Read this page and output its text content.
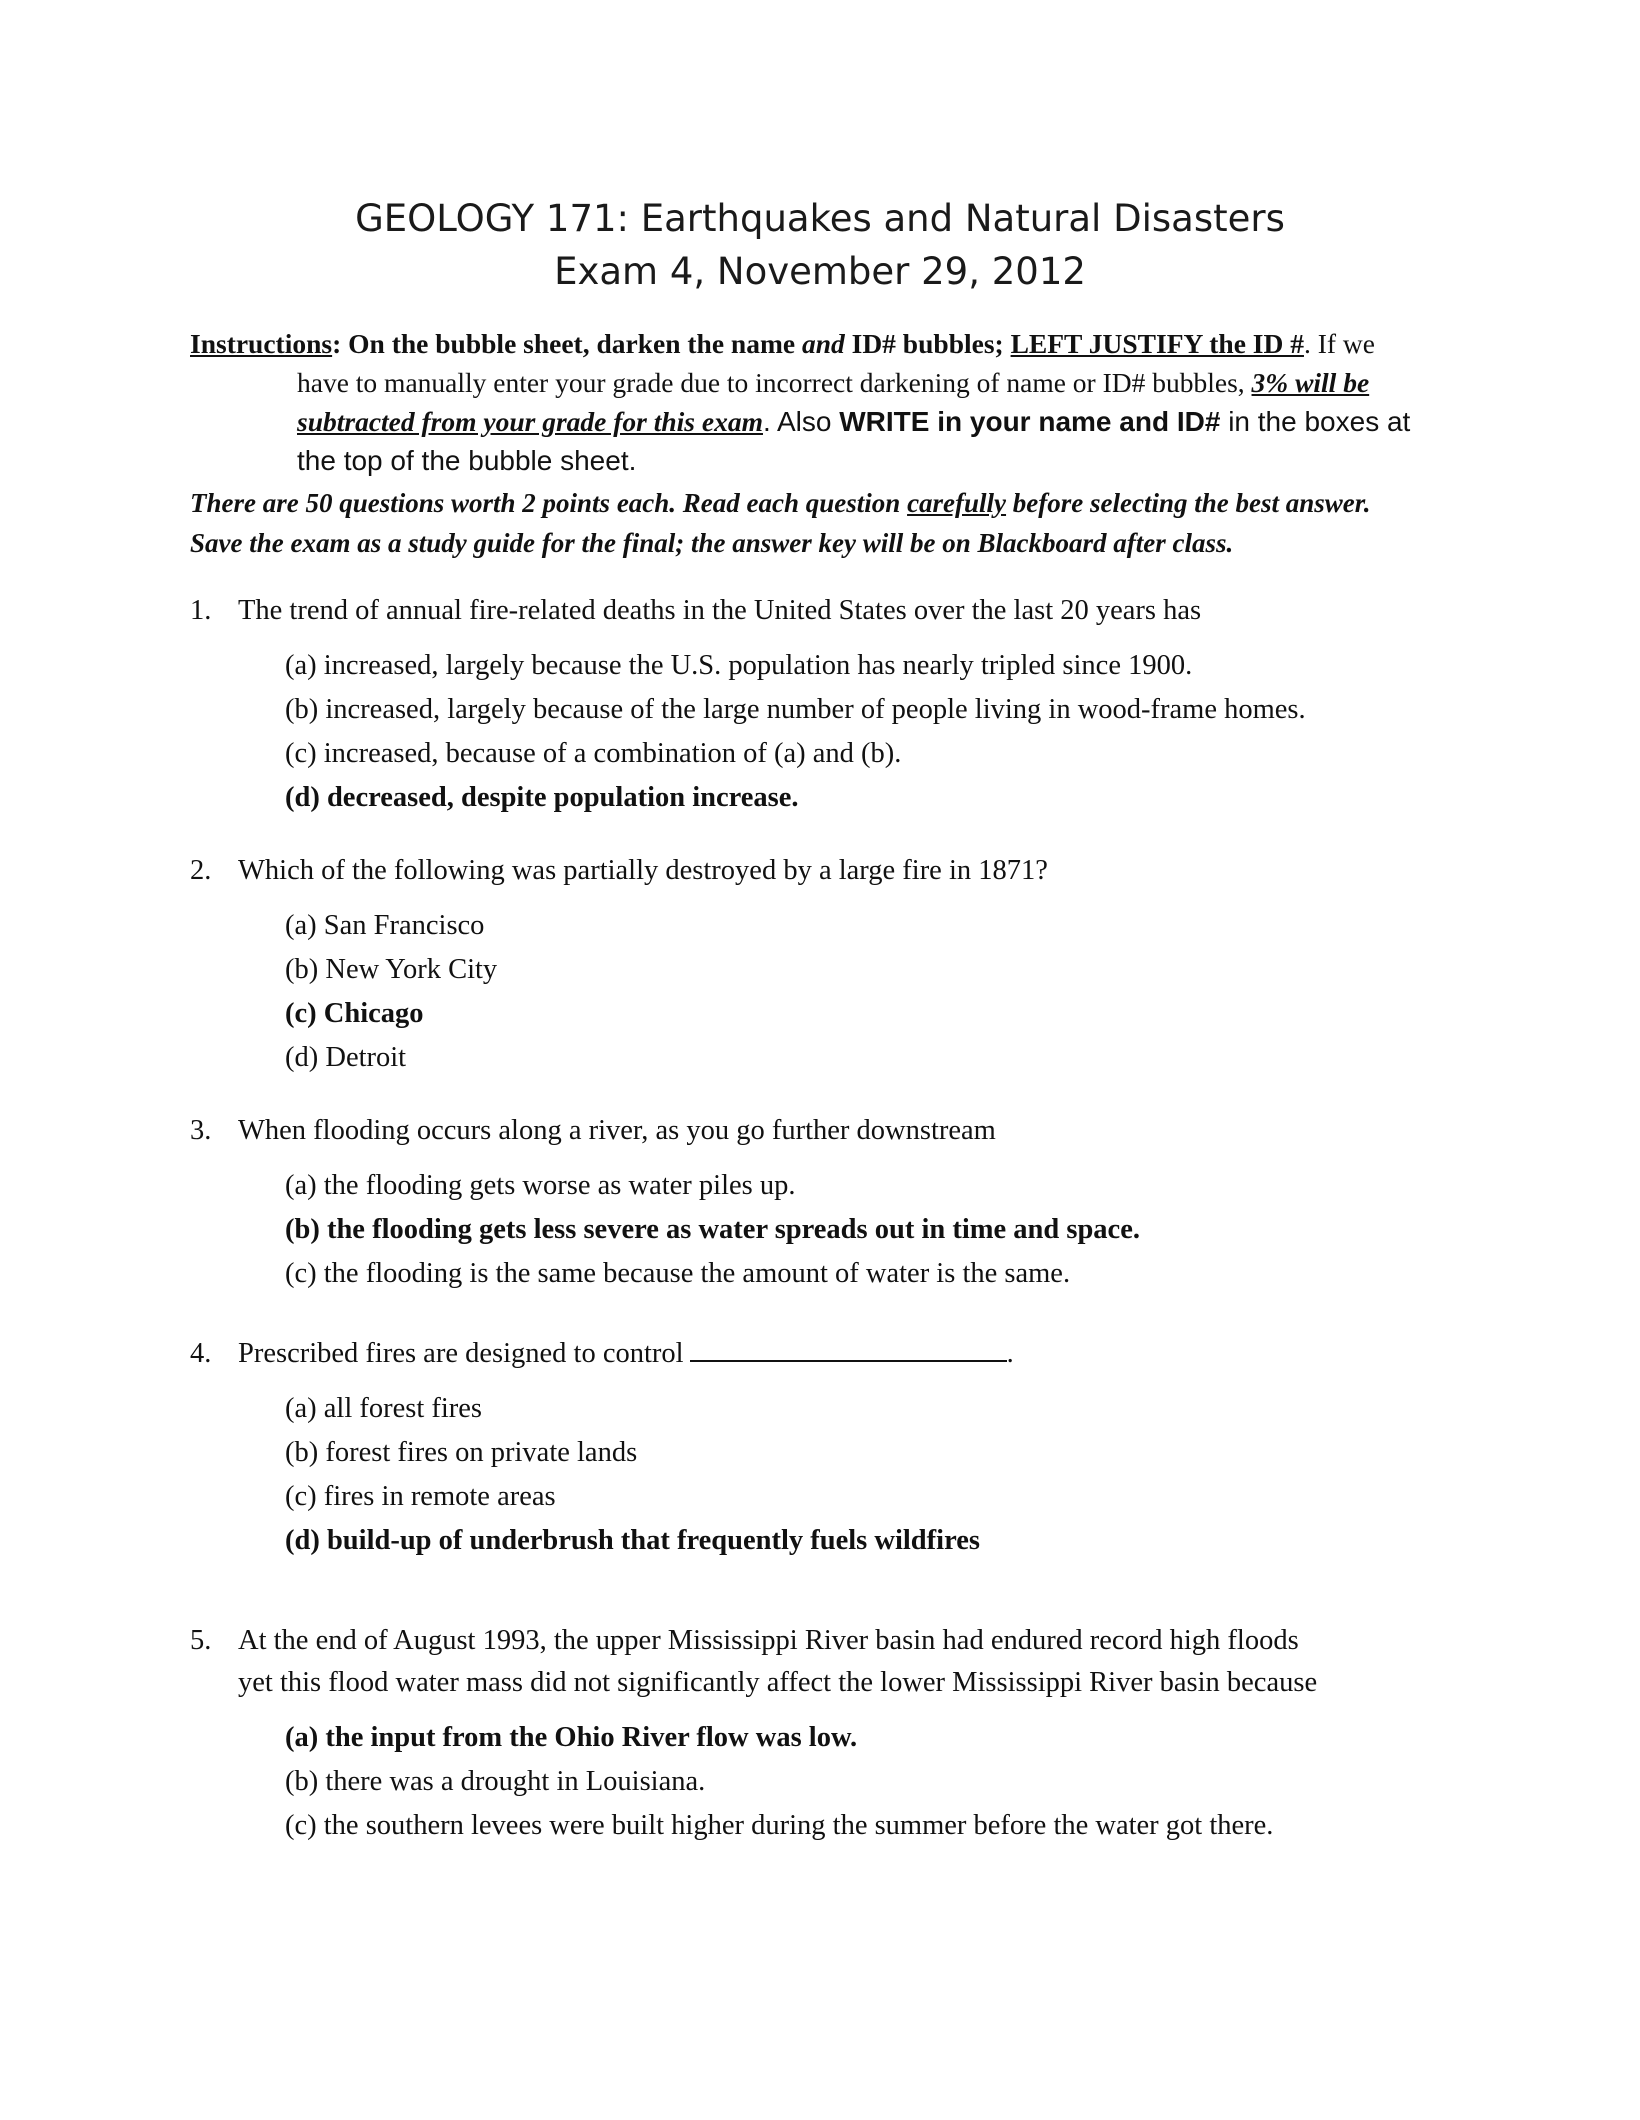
GEOLOGY 171: Earthquakes and Natural Disasters
Exam 4, November 29, 2012
Instructions: On the bubble sheet, darken the name and ID# bubbles; LEFT JUSTIFY the ID #. If we
have to manually enter your grade due to incorrect darkening of name or ID# bubbles, 3% will be
subtracted from your grade for this exam. Also WRITE in your name and ID# in the boxes at
the top of the bubble sheet.
There are 50 questions worth 2 points each. Read each question carefully before selecting the best answer.
Save the exam as a study guide for the final; the answer key will be on Blackboard after class.
1. The trend of annual fire-related deaths in the United States over the last 20 years has
(a) increased, largely because the U.S. population has nearly tripled since 1900.
(b) increased, largely because of the large number of people living in wood-frame homes.
(c) increased, because of a combination of (a) and (b).
(d) decreased, despite population increase.
2. Which of the following was partially destroyed by a large fire in 1871?
(a) San Francisco
(b) New York City
(c) Chicago
(d) Detroit
3. When flooding occurs along a river, as you go further downstream
(a) the flooding gets worse as water piles up.
(b) the flooding gets less severe as water spreads out in time and space.
(c) the flooding is the same because the amount of water is the same.
4. Prescribed fires are designed to control	.
(a) all forest fires
(b) forest fires on private lands
(c) fires in remote areas
(d) build-up of underbrush that frequently fuels wildfires
5. At the end of August 1993, the upper Mississippi River basin had endured record high floods
yet this flood water mass did not significantly affect the lower Mississippi River basin because
(a) the input from the Ohio River flow was low.
(b) there was a drought in Louisiana.
(c) the southern levees were built higher during the summer before the water got there.
